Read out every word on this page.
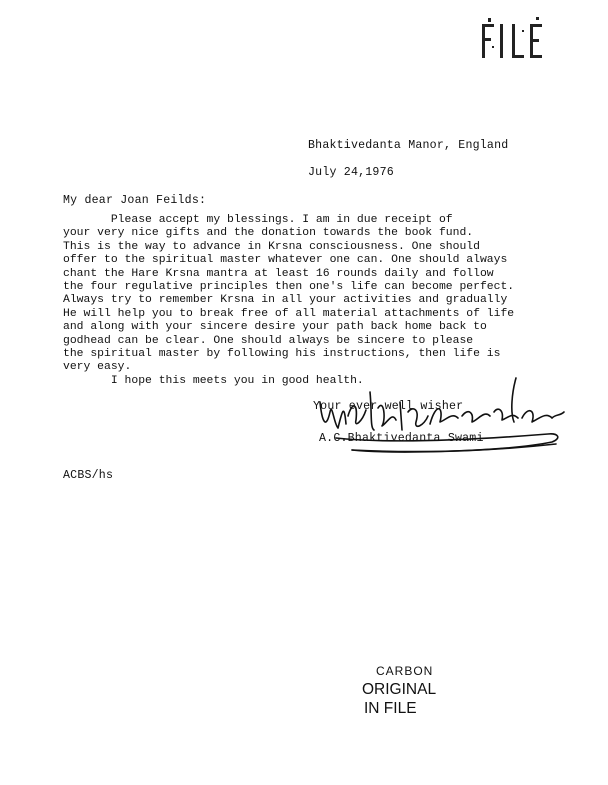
Bhaktivedanta Manor, England
July 24,1976
My dear Joan Feilds:
Please accept my blessings. I am in due receipt of
your very nice gifts and the donation towards the book fund.
This is the way to advance in Krsna consciousness. One should
offer to the spiritual master whatever one can. One should always
chant the Hare Krsna mantra at least 16 rounds daily and follow
the four regulative principles then one's life can become perfect.
Always try to remember Krsna in all your activities and gradually
He will help you to break free of all material attachments of life
and along with your sincere desire your path back home back to
godhead can be clear. One should always be sincere to please
the spiritual master by following his instructions, then life is
very easy.
I hope this meets you in good health.
Your ever well wisher
A.C.Bhaktivedanta Swami
ACBS/hs
CARBON
ORIGINAL
IN FILE
